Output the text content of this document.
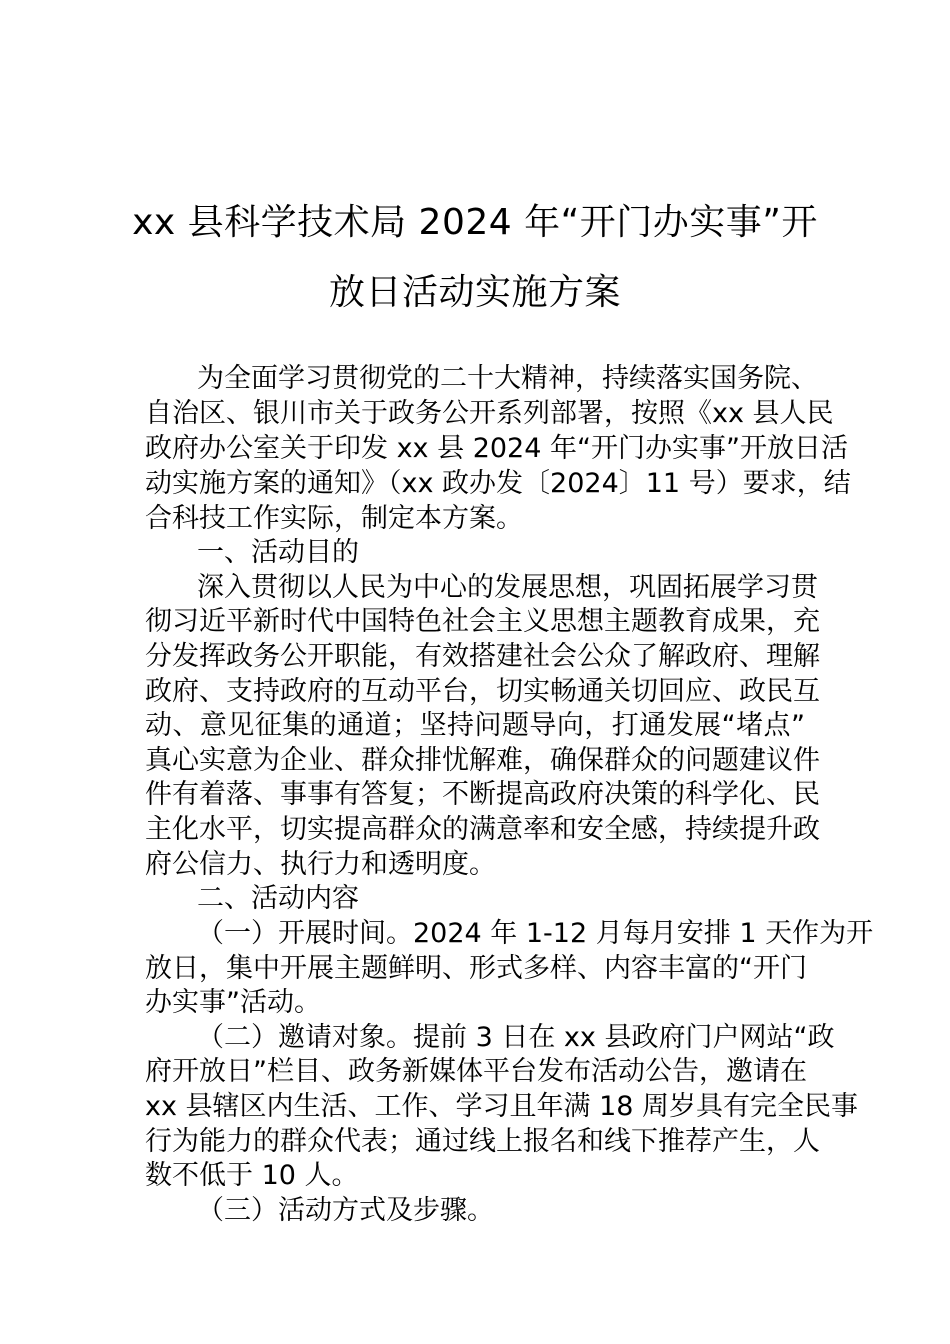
xx 县科学技术局 2024 年“开门办实事”开
放日活动实施方案
为全面学习贯彻党的二十大精神，持续落实国务院、
自治区、银川市关于政务公开系列部署，按照《xx 县人民
政府办公室关于印发 xx 县 2024 年“开门办实事”开放日活
动实施方案的通知》（xx 政办发〔2024〕11 号）要求，结
合科技工作实际，制定本方案。
一、活动目的
深入贯彻以人民为中心的发展思想，巩固拓展学习贯
彻习近平新时代中国特色社会主义思想主题教育成果，充
分发挥政务公开职能，有效搭建社会公众了解政府、理解
政府、支持政府的互动平台，切实畅通关切回应、政民互
动、意见征集的通道；坚持问题导向，打通发展“堵点”
真心实意为企业、群众排忧解难，确保群众的问题建议件
件有着落、事事有答复；不断提高政府决策的科学化、民
主化水平，切实提高群众的满意率和安全感，持续提升政
府公信力、执行力和透明度。
二、活动内容
（一）开展时间。2024 年 1-12 月每月安排 1 天作为开
放日，集中开展主题鲜明、形式多样、内容丰富的“开门
办实事”活动。
（二）邀请对象。提前 3 日在 xx 县政府门户网站“政
府开放日”栏目、政务新媒体平台发布活动公告，邀请在
xx 县辖区内生活、工作、学习且年满 18 周岁具有完全民事
行为能力的群众代表；通过线上报名和线下推荐产生，人
数不低于 10 人。
（三）活动方式及步骤。
